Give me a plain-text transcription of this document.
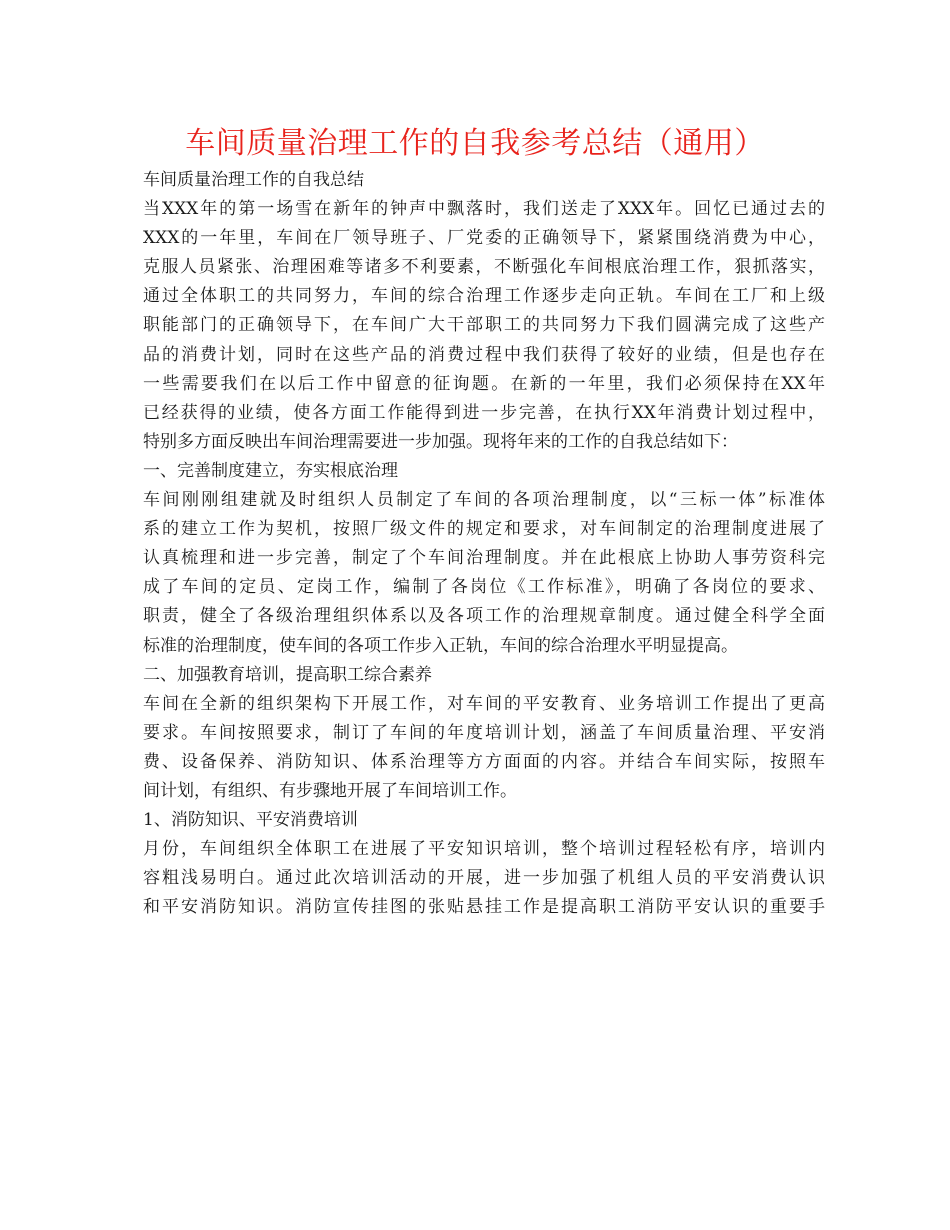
车间质量治理工作的自我参考总结（通用）
车间质量治理工作的自我总结
当XXX年的第一场雪在新年的钟声中飘落时，我们送走了XXX年。回忆已通过去的
XXX的一年里，车间在厂领导班子、厂党委的正确领导下，紧紧围绕消费为中心，
克服人员紧张、治理困难等诸多不利要素，不断强化车间根底治理工作，狠抓落实，
通过全体职工的共同努力，车间的综合治理工作逐步走向正轨。车间在工厂和上级
职能部门的正确领导下，在车间广大干部职工的共同努力下我们圆满完成了这些产
品的消费计划，同时在这些产品的消费过程中我们获得了较好的业绩，但是也存在
一些需要我们在以后工作中留意的征询题。在新的一年里，我们必须保持在XX年
已经获得的业绩，使各方面工作能得到进一步完善，在执行XX年消费计划过程中，
特别多方面反映出车间治理需要进一步加强。现将年来的工作的自我总结如下：
一、完善制度建立，夯实根底治理
车间刚刚组建就及时组织人员制定了车间的各项治理制度，以“三标一体”标准体
系的建立工作为契机，按照厂级文件的规定和要求，对车间制定的治理制度进展了
认真梳理和进一步完善，制定了个车间治理制度。并在此根底上协助人事劳资科完
成了车间的定员、定岗工作，编制了各岗位《工作标准》，明确了各岗位的要求、
职责，健全了各级治理组织体系以及各项工作的治理规章制度。通过健全科学全面
标准的治理制度，使车间的各项工作步入正轨，车间的综合治理水平明显提高。
二、加强教育培训，提高职工综合素养
车间在全新的组织架构下开展工作，对车间的平安教育、业务培训工作提出了更高
要求。车间按照要求，制订了车间的年度培训计划，涵盖了车间质量治理、平安消
费、设备保养、消防知识、体系治理等方方面面的内容。并结合车间实际，按照车
间计划，有组织、有步骤地开展了车间培训工作。
1、消防知识、平安消费培训
月份，车间组织全体职工在进展了平安知识培训，整个培训过程轻松有序，培训内
容粗浅易明白。通过此次培训活动的开展，进一步加强了机组人员的平安消费认识
和平安消防知识。消防宣传挂图的张贴悬挂工作是提高职工消防平安认识的重要手
